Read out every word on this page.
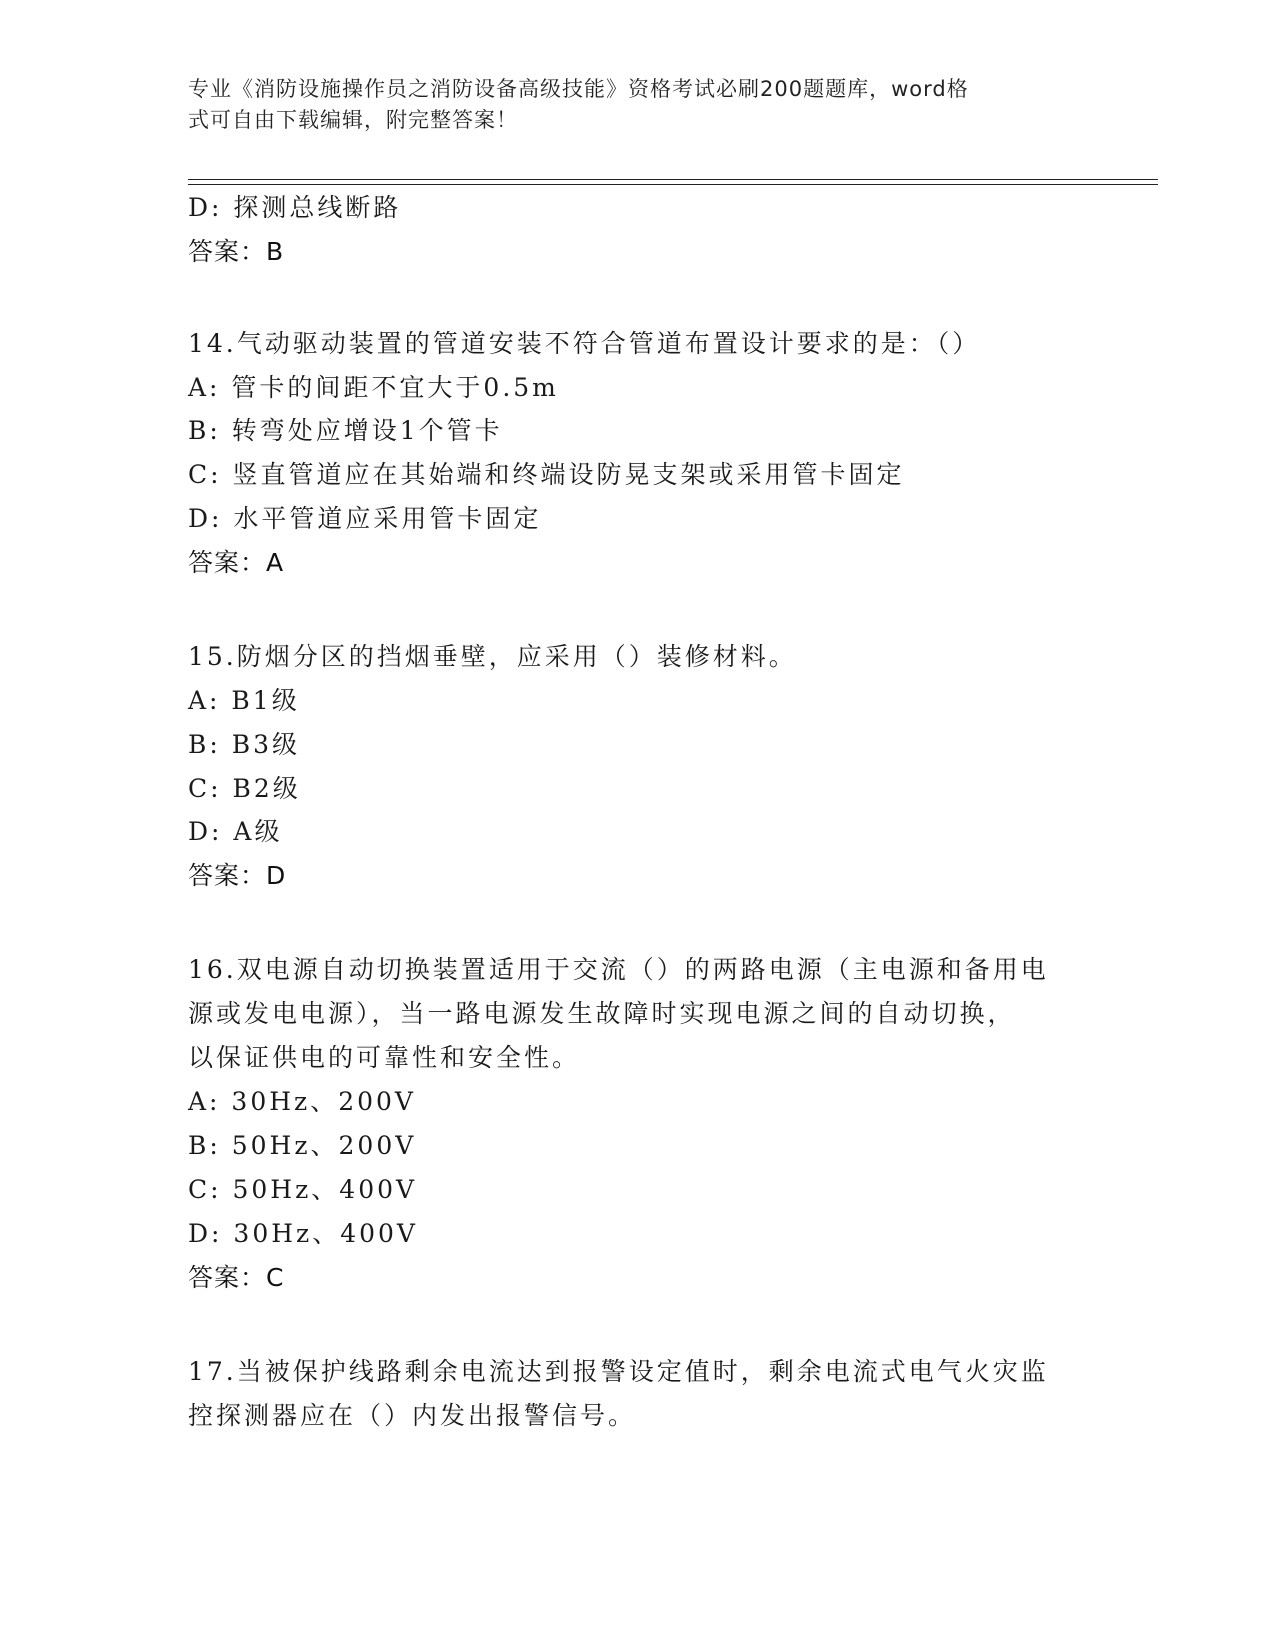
专业《消防设施操作员之消防设备高级技能》资格考试必刷200题题库，word格
式可自由下载编辑，附完整答案！
D: 探测总线断路
答案：B
14.气动驱动装置的管道安装不符合管道布置设计要求的是：（）
A: 管卡的间距不宜大于0.5m
B: 转弯处应增设1个管卡
C: 竖直管道应在其始端和终端设防晃支架或采用管卡固定
D: 水平管道应采用管卡固定
答案：A
15.防烟分区的挡烟垂壁，应采用（）装修材料。
A: B1级
B: B3级
C: B2级
D: A级
答案：D
16.双电源自动切换装置适用于交流（）的两路电源（主电源和备用电
源或发电电源），当一路电源发生故障时实现电源之间的自动切换，
以保证供电的可靠性和安全性。
A: 30Hz、200V
B: 50Hz、200V
C: 50Hz、400V
D: 30Hz、400V
答案：C
17.当被保护线路剩余电流达到报警设定值时，剩余电流式电气火灾监
控探测器应在（）内发出报警信号。
